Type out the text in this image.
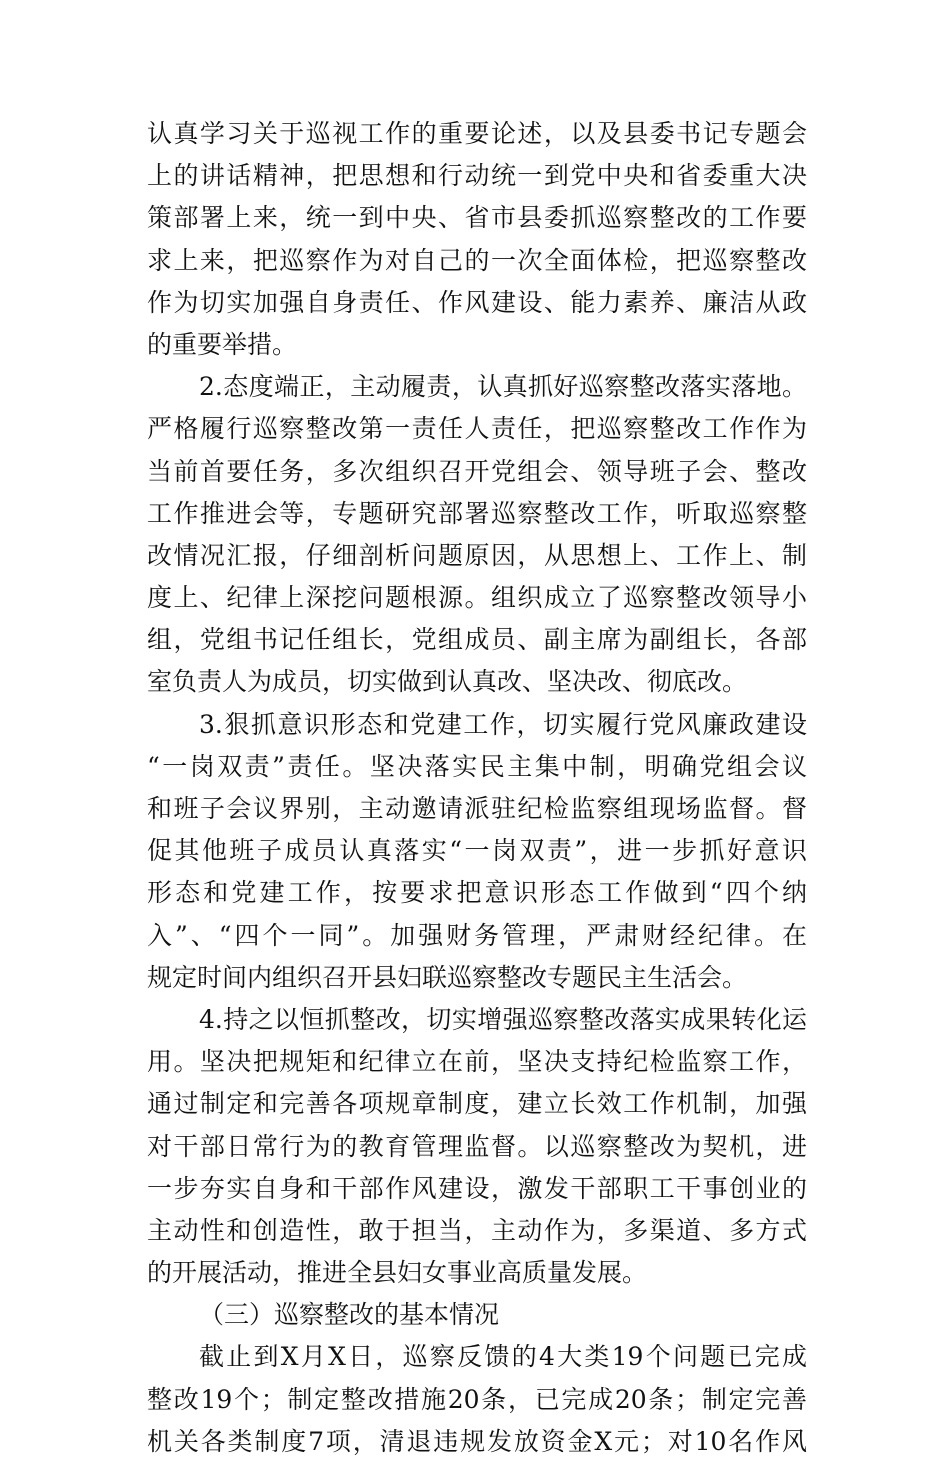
认真学习关于巡视工作的重要论述，以及县委书记专题会
上的讲话精神，把思想和行动统一到党中央和省委重大决
策部署上来，统一到中央、省市县委抓巡察整改的工作要
求上来，把巡察作为对自己的一次全面体检，把巡察整改
作为切实加强自身责任、作风建设、能力素养、廉洁从政
的重要举措。
2.态度端正，主动履责，认真抓好巡察整改落实落地。
严格履行巡察整改第一责任人责任，把巡察整改工作作为
当前首要任务，多次组织召开党组会、领导班子会、整改
工作推进会等，专题研究部署巡察整改工作，听取巡察整
改情况汇报，仔细剖析问题原因，从思想上、工作上、制
度上、纪律上深挖问题根源。组织成立了巡察整改领导小
组，党组书记任组长，党组成员、副主席为副组长，各部
室负责人为成员，切实做到认真改、坚决改、彻底改。
3.狠抓意识形态和党建工作，切实履行党风廉政建设
“一岗双责”责任。坚决落实民主集中制，明确党组会议
和班子会议界别，主动邀请派驻纪检监察组现场监督。督
促其他班子成员认真落实“一岗双责”，进一步抓好意识
形态和党建工作，按要求把意识形态工作做到“四个纳
入”、“四个一同”。加强财务管理，严肃财经纪律。在
规定时间内组织召开县妇联巡察整改专题民主生活会。
4.持之以恒抓整改，切实增强巡察整改落实成果转化运
用。坚决把规矩和纪律立在前，坚决支持纪检监察工作，
通过制定和完善各项规章制度，建立长效工作机制，加强
对干部日常行为的教育管理监督。以巡察整改为契机，进
一步夯实自身和干部作风建设，激发干部职工干事创业的
主动性和创造性，敢于担当，主动作为，多渠道、多方式
的开展活动，推进全县妇女事业高质量发展。
（三）巡察整改的基本情况
截止到X月X日，巡察反馈的4大类19个问题已完成
整改19个；制定整改措施20条，已完成20条；制定完善
机关各类制度7项，清退违规发放资金X元；对10名作风
